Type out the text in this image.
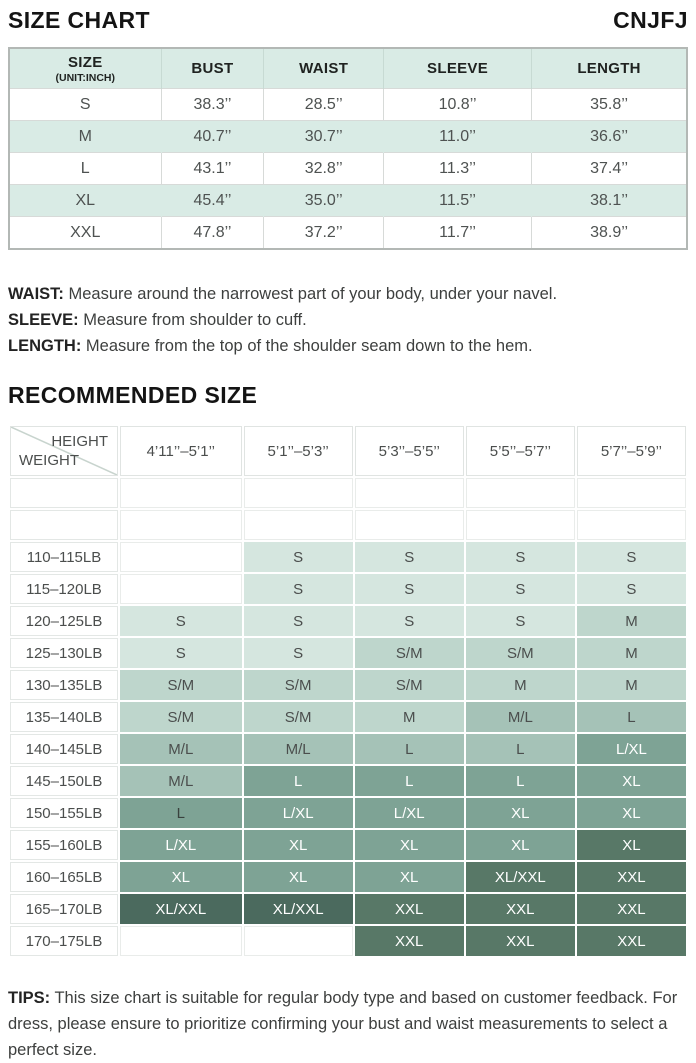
SIZE CHART	CNJFJ
SIZE
(UNIT:INCH)	BUST	WAIST	SLEEVE	LENGTH
S	38.3’’	28.5’’	10.8’’	35.8’’
M	40.7’’	30.7’’	11.0’’	36.6’’
L	43.1’’	32.8’’	11.3’’	37.4’’
XL	45.4’’	35.0’’	11.5’’	38.1’’
XXL	47.8’’	37.2’’	11.7’’	38.9’’
WAIST: Measure around the narrowest part of your body, under your navel.
SLEEVE: Measure from shoulder to cuff.
LENGTH: Measure from the top of the shoulder seam down to the hem.
RECOMMENDED SIZE
HEIGHT
WEIGHT	4’11’’–5’1’’	5’1’’–5’3’’	5’3’’–5’5’’	5’5’’–5’7’’	5’7’’–5’9’’

110–115LB		S	S	S	S
115–120LB		S	S	S	S
120–125LB	S	S	S	S	M
125–130LB	S	S	S/M	S/M	M
130–135LB	S/M	S/M	S/M	M	M
135–140LB	S/M	S/M	M	M/L	L
140–145LB	M/L	M/L	L	L	L/XL
145–150LB	M/L	L	L	L	XL
150–155LB	L	L/XL	L/XL	XL	XL
155–160LB	L/XL	XL	XL	XL	XL
160–165LB	XL	XL	XL	XL/XXL	XXL
165–170LB	XL/XXL	XL/XXL	XXL	XXL	XXL
170–175LB			XXL	XXL	XXL

TIPS: This size chart is suitable for regular body type and based on customer feedback. For dress, please ensure to prioritize confirming your bust and waist measurements to select a perfect size.
